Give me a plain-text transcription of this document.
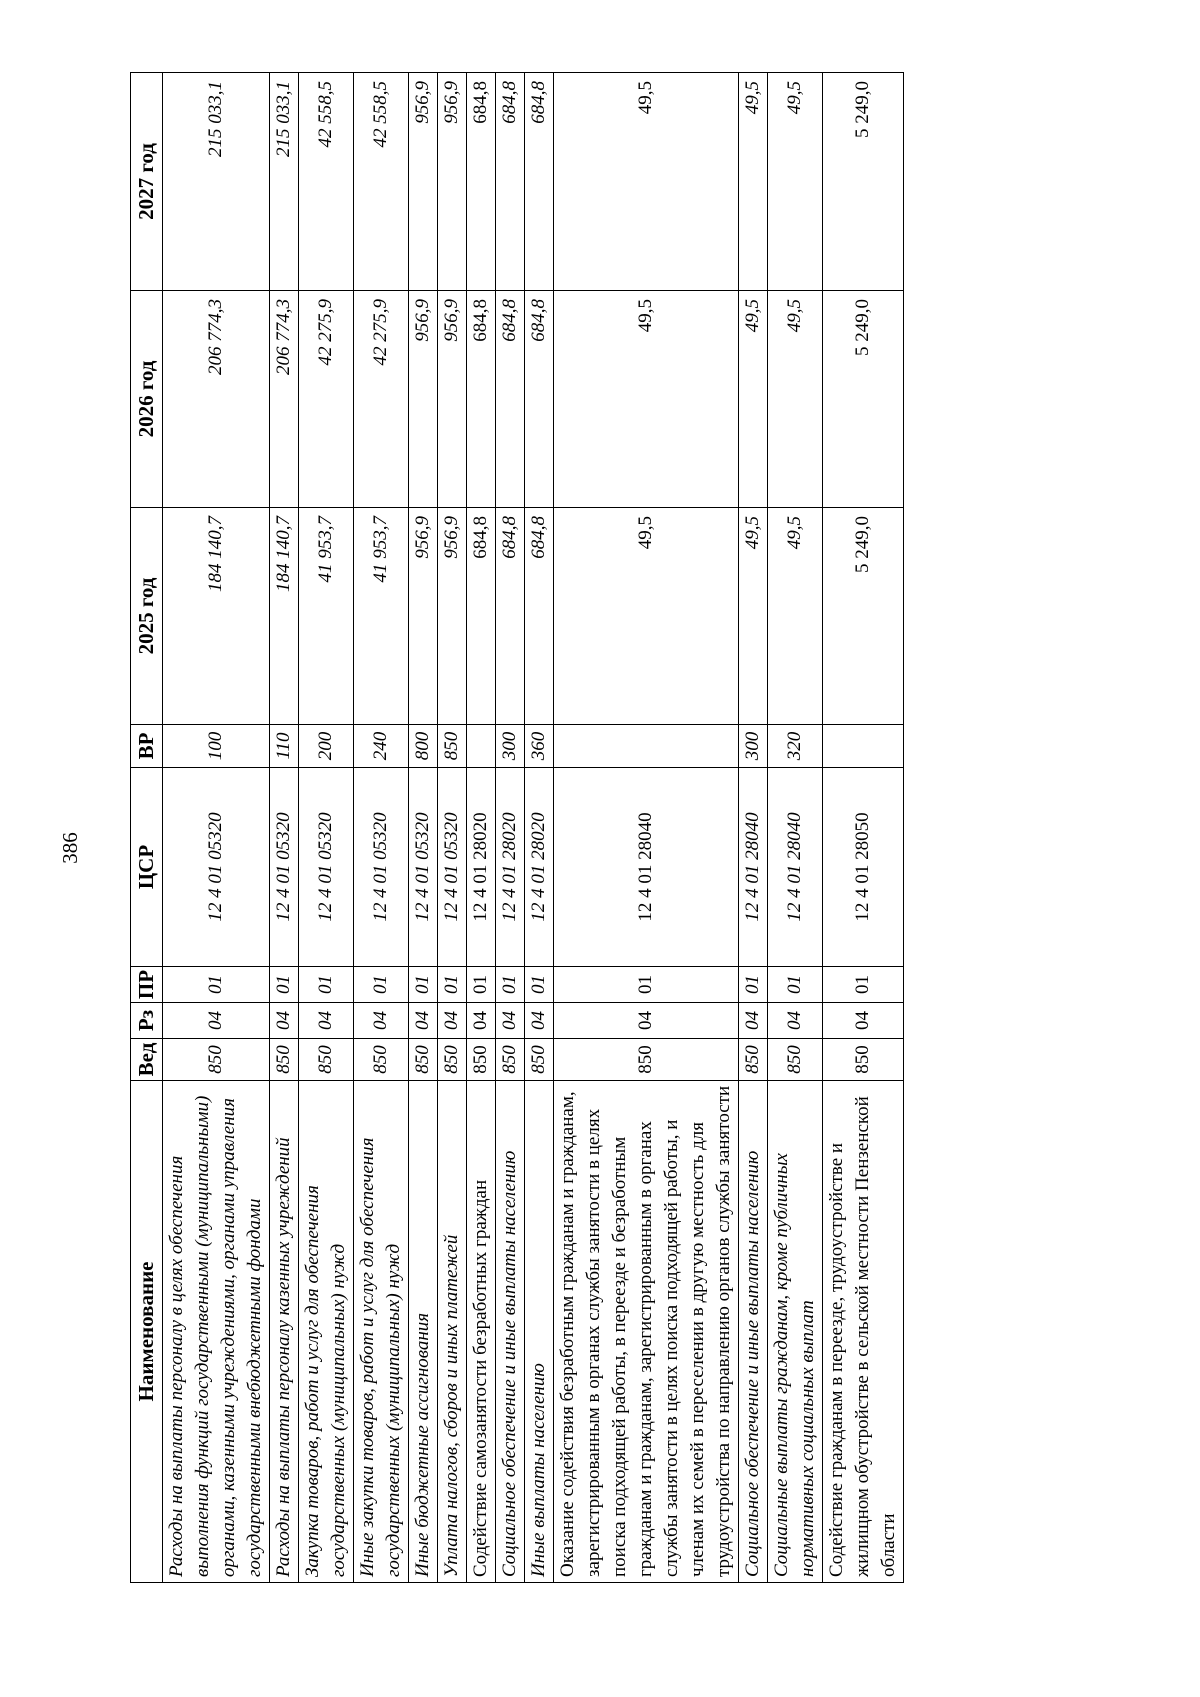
386
Наименование	Вед	Рз	ПР	ЦСР	ВР	2025 год	2026 год	2027 год
Расходы на выплаты персоналу в целях обеспечения выполнения функций государственными (муниципальными) органами, казенными учреждениями, органами управления государственными внебюджетными фондами	850	04	01	12 4 01 05320	100	184 140,7	206 774,3	215 033,1
Расходы на выплаты персоналу казенных учреждений	850	04	01	12 4 01 05320	110	184 140,7	206 774,3	215 033,1
Закупка товаров, работ и услуг для обеспечения государственных (муниципальных) нужд	850	04	01	12 4 01 05320	200	41 953,7	42 275,9	42 558,5
Иные закупки товаров, работ и услуг для обеспечения государственных (муниципальных) нужд	850	04	01	12 4 01 05320	240	41 953,7	42 275,9	42 558,5
Иные бюджетные ассигнования	850	04	01	12 4 01 05320	800	956,9	956,9	956,9
Уплата налогов, сборов и иных платежей	850	04	01	12 4 01 05320	850	956,9	956,9	956,9
Содействие самозанятости безработных граждан	850	04	01	12 4 01 28020		684,8	684,8	684,8
Социальное обеспечение и иные выплаты населению	850	04	01	12 4 01 28020	300	684,8	684,8	684,8
Иные выплаты населению	850	04	01	12 4 01 28020	360	684,8	684,8	684,8
Оказание содействия безработным гражданам и гражданам, зарегистрированным в органах службы занятости в целях поиска подходящей работы, в переезде и безработным гражданам и гражданам, зарегистрированным в органах службы занятости в целях поиска подходящей работы, и членам их семей в переселении в другую местность для трудоустройства по направлению органов службы занятости	850	04	01	12 4 01 28040		49,5	49,5	49,5
Социальное обеспечение и иные выплаты населению	850	04	01	12 4 01 28040	300	49,5	49,5	49,5
Социальные выплаты гражданам, кроме публичных нормативных социальных выплат	850	04	01	12 4 01 28040	320	49,5	49,5	49,5
Содействие гражданам в переезде, трудоустройстве и жилищном обустройстве в сельской местности Пензенской области	850	04	01	12 4 01 28050		5 249,0	5 249,0	5 249,0
